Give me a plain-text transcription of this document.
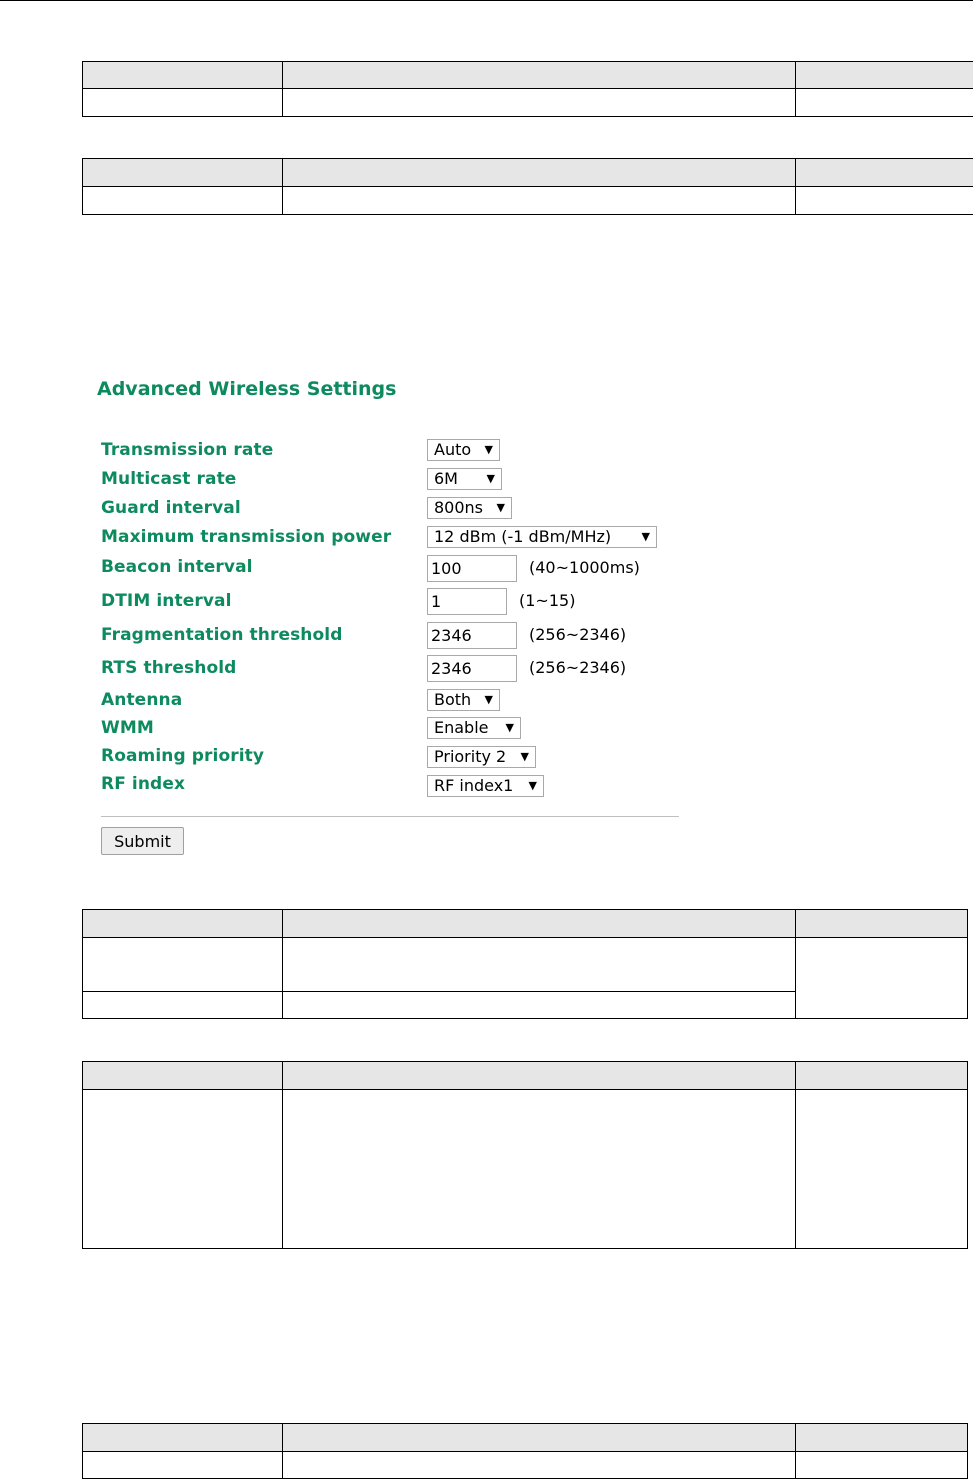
Advanced Wireless Settings
Transmission rate	Auto ▼
Multicast rate	6M	▼
Guard interval	800ns ▼
Maximum transmission power	12 dBm (-1 dBm/MHz)	▼
Beacon interval	100	(40~1000ms)
DTIM interval	1	(1~15)
Fragmentation threshold	2346	(256~2346)
RTS threshold	2346	(256~2346)
Antenna	Both ▼
WMM	Enable ▼
Roaming priority	Priority 2 ▼
RF index	RF index1 ▼
Submit
